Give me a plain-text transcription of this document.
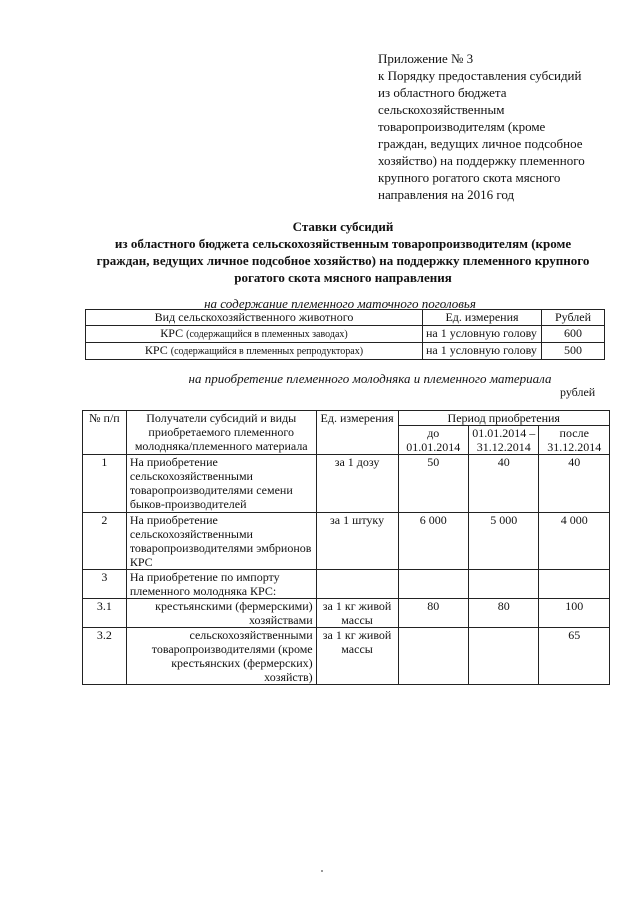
Приложение № 3
к Порядку предоставления субсидий
из областного бюджета
сельскохозяйственным
товаропроизводителям (кроме
граждан, ведущих личное подсобное
хозяйство) на поддержку племенного
крупного рогатого скота мясного
направления на 2016 год
Ставки субсидий
из областного бюджета сельскохозяйственным товаропроизводителям (кроме
граждан, ведущих личное подсобное хозяйство) на поддержку племенного крупного
рогатого скота мясного направления
на содержание племенного маточного поголовья
Вид сельскохозяйственного животного	Ед. измерения	Рублей
КРС (содержащийся в племенных заводах)	на 1 условную голову	600
КРС (содержащийся в племенных репродукторах)	на 1 условную голову	500
на приобретение племенного молодняка и племенного материала
рублей
№ п/п	Получатели субсидий и виды приобретаемого племенного молодняка/племенного материала	Ед. измерения	Период приобретения		
			до 01.01.2014	01.01.2014 – 31.12.2014	после 31.12.2014
1	На приобретение сельскохозяйственными товаропроизводителями семени быков-производителей	за 1 дозу	50	40	40
2	На приобретение сельскохозяйственными товаропроизводителями эмбрионов КРС	за 1 штуку	6 000	5 000	4 000
3	На приобретение по импорту племенного молодняка КРС:				
3.1	крестьянскими (фермерскими) хозяйствами	за 1 кг живой массы	80	80	100
3.2	сельскохозяйственными товаропроизводителями (кроме крестьянских (фермерских) хозяйств)	за 1 кг живой массы			65
